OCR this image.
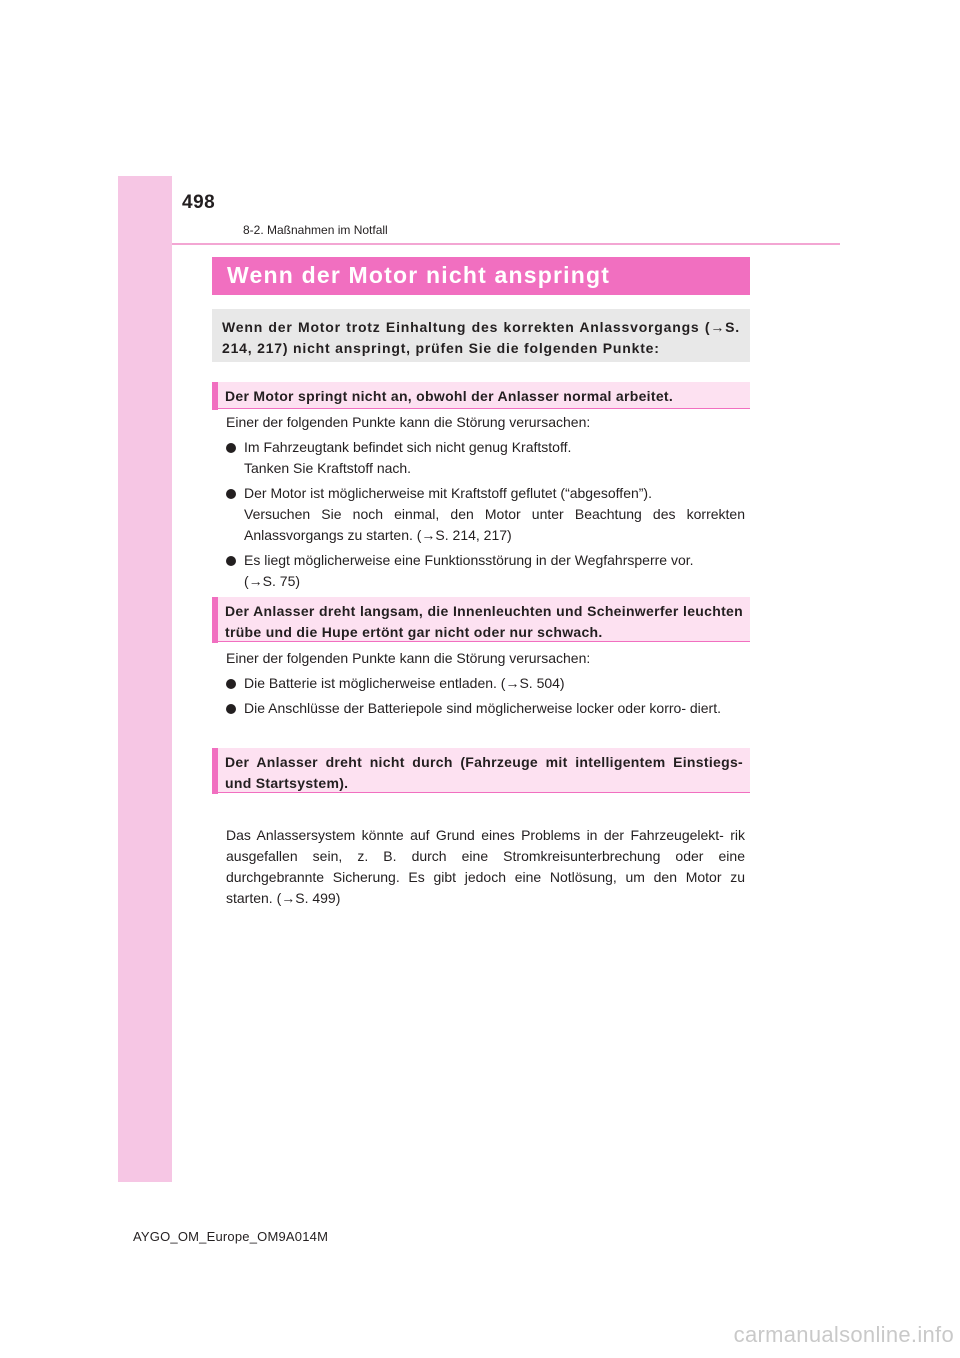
498
8-2. Maßnahmen im Notfall
Wenn der Motor nicht anspringt

Wenn der Motor trotz Einhaltung des korrekten Anlassvorgangs (→S. 214, 217) nicht anspringt, prüfen Sie die folgenden Punkte:

Der Motor springt nicht an, obwohl der Anlasser normal arbeitet.

Einer der folgenden Punkte kann die Störung verursachen:

Im Fahrzeugtank befindet sich nicht genug Kraftstoff.
Tanken Sie Kraftstoff nach.
Der Motor ist möglicherweise mit Kraftstoff geflutet (“abgesoffen”).
Versuchen Sie noch einmal, den Motor unter Beachtung des korrekten Anlassvorgangs zu starten. (→S. 214, 217)
Es liegt möglicherweise eine Funktionsstörung in der Wegfahrsperre vor.
(→S. 75)

Der Anlasser dreht langsam, die Innenleuchten und Scheinwerfer leuchten trübe und die Hupe ertönt gar nicht oder nur schwach.

Einer der folgenden Punkte kann die Störung verursachen:

Die Batterie ist möglicherweise entladen. (→S. 504)
Die Anschlüsse der Batteriepole sind möglicherweise locker oder korro- diert.

Der Anlasser dreht nicht durch (Fahrzeuge mit intelligentem Einstiegs- und Startsystem).

Das Anlassersystem könnte auf Grund eines Problems in der Fahrzeugelekt- rik ausgefallen sein, z. B. durch eine Stromkreisunterbrechung oder eine durchgebrannte Sicherung. Es gibt jedoch eine Notlösung, um den Motor zu starten. (→S. 499)

AYGO_OM_Europe_OM9A014M
carmanualsonline.info
